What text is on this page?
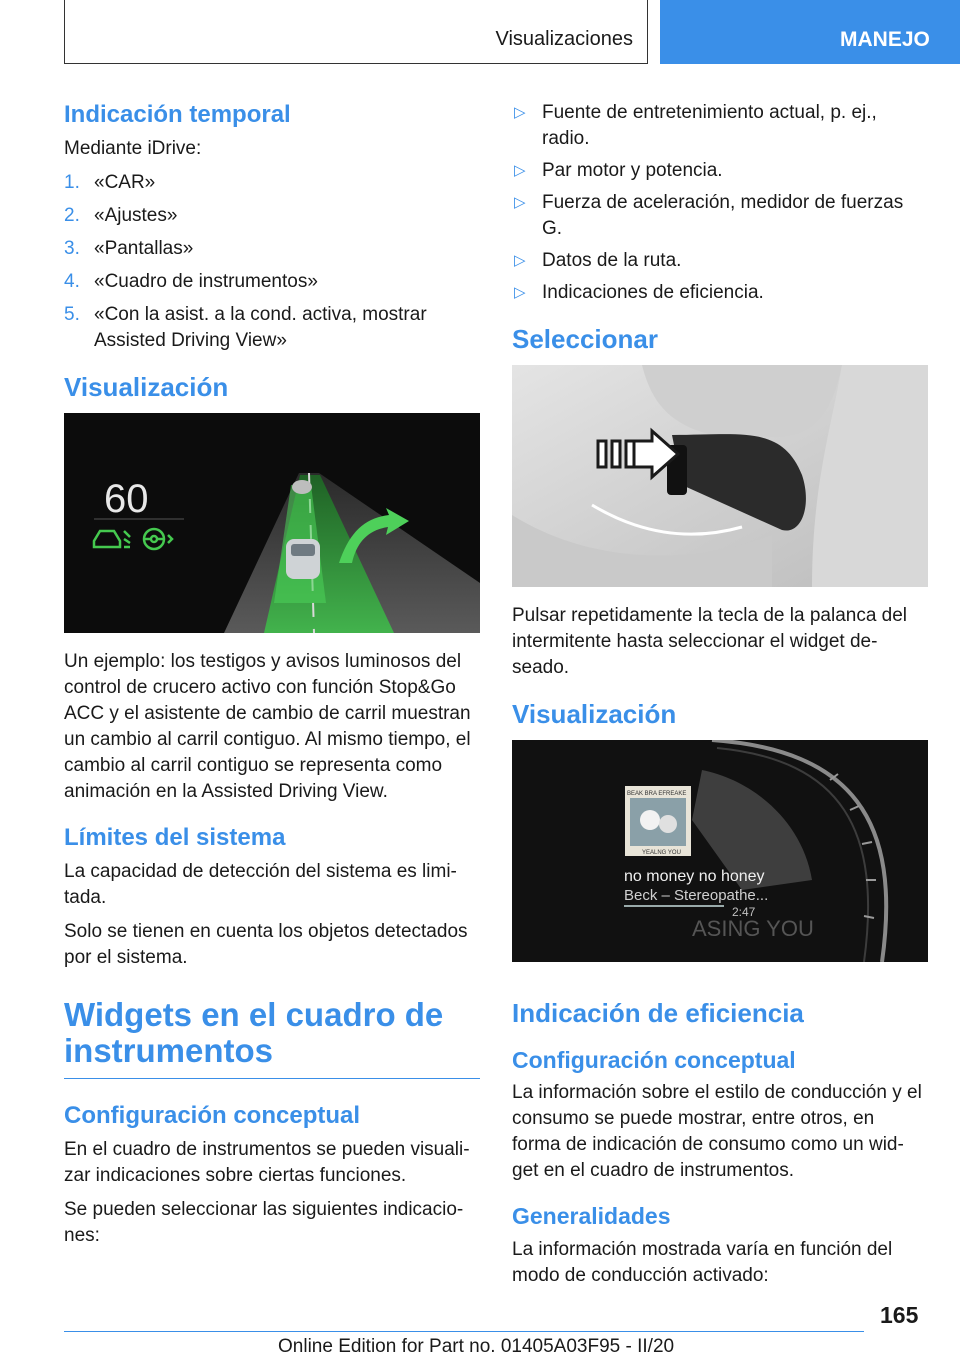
Visualizaciones	MANEJO
Indicación temporal

Mediante iDrive:

1. «CAR»
2. «Ajustes»
3. «Pantallas»
4. «Cuadro de instrumentos»
5. «Con la asist. a la cond. activa, mostrar Assisted Driving View»
Visualización
60

Un ejemplo: los testigos y avisos luminosos del control de crucero activo con función Stop&Go ACC y el asistente de cambio de carril muestran un cambio al carril contiguo. Al mismo tiempo, el cambio al carril contiguo se representa como animación en la Assisted Driving View.

Límites del sistema

La capacidad de detección del sistema es limi‐tada.

Solo se tienen en cuenta los objetos detectados por el sistema.

Widgets en el cuadro de instrumentos
Configuración conceptual

En el cuadro de instrumentos se pueden visuali‐zar indicaciones sobre ciertas funciones.

Se pueden seleccionar las siguientes indicacio‐nes:

▷ Fuente de entretenimiento actual, p. ej., radio.
▷ Par motor y potencia.
▷ Fuerza de aceleración, medidor de fuerzas G.
▷ Datos de la ruta.
▷ Indicaciones de eficiencia.
Seleccionar

Pulsar repetidamente la tecla de la palanca del intermitente hasta seleccionar el widget de‐seado.

Visualización
BEAK BRA EFREAKE
YEALNG YOU
no money no honey
Beck – Stereopathe...
2:47
ASING YOU
Indicación de eficiencia
Configuración conceptual

La información sobre el estilo de conducción y el consumo se puede mostrar, entre otros, en forma de indicación de consumo como un wid‐get en el cuadro de instrumentos.

Generalidades

La información mostrada varía en función del modo de conducción activado:

165
Online Edition for Part no. 01405A03F95 - II/20
